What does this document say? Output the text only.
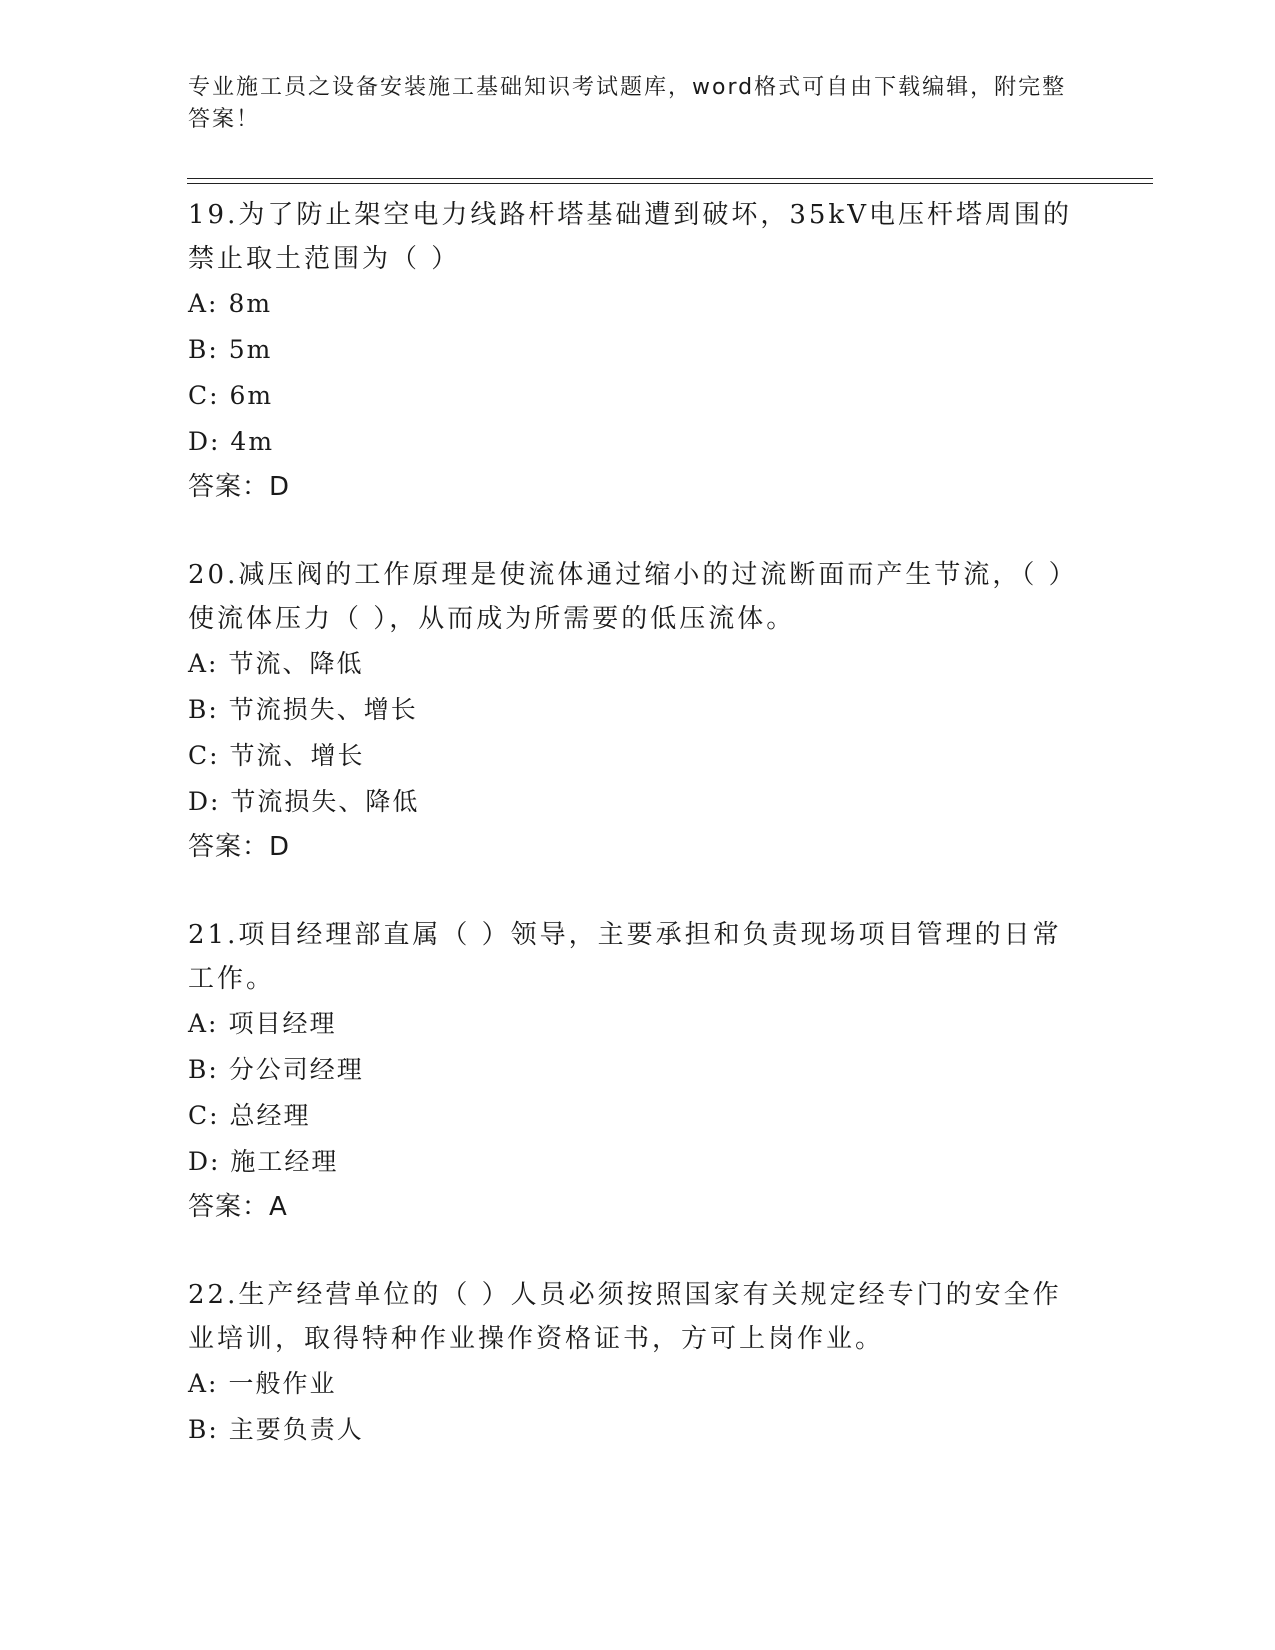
专业施工员之设备安装施工基础知识考试题库，word格式可自由下载编辑，附完整答案！
19.为了防止架空电力线路杆塔基础遭到破坏，35kV电压杆塔周围的禁止取土范围为（ ）
A: 8m
B: 5m
C: 6m
D: 4m
答案：D
20.减压阀的工作原理是使流体通过缩小的过流断面而产生节流，（ ）使流体压力（ ），从而成为所需要的低压流体。
A: 节流、降低
B: 节流损失、增长
C: 节流、增长
D: 节流损失、降低
答案：D
21.项目经理部直属（ ）领导，主要承担和负责现场项目管理的日常工作。
A: 项目经理
B: 分公司经理
C: 总经理
D: 施工经理
答案：A
22.生产经营单位的（ ）人员必须按照国家有关规定经专门的安全作业培训，取得特种作业操作资格证书，方可上岗作业。
A: 一般作业
B: 主要负责人
